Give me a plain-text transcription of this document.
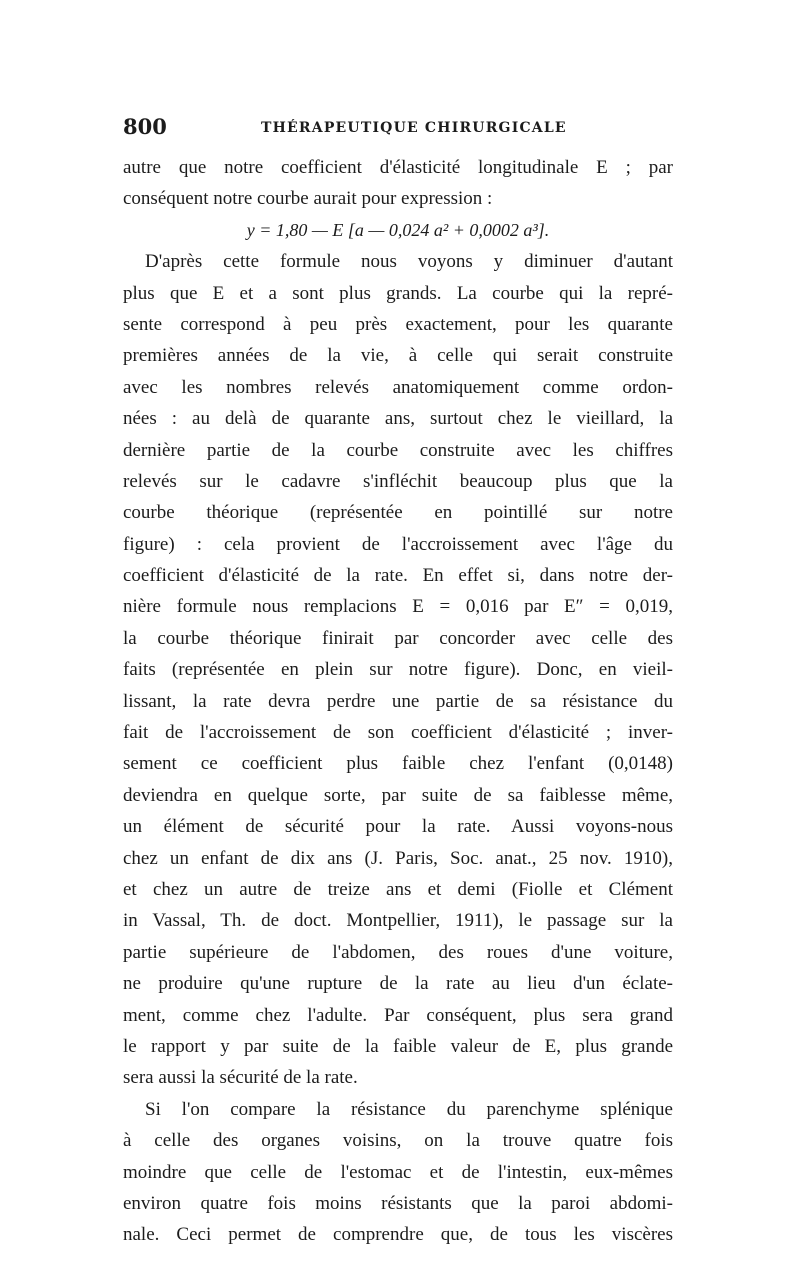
800	THÉRAPEUTIQUE CHIRURGICALE
autre que notre coefficient d'élasticité longitudinale E ; par
conséquent notre courbe aurait pour expression :
y = 1,80 — E [a — 0,024 a² + 0,0002 a³].
D'après cette formule nous voyons y diminuer d'autant
plus que E et a sont plus grands. La courbe qui la repré-
sente correspond à peu près exactement, pour les quarante
premières années de la vie, à celle qui serait construite
avec les nombres relevés anatomiquement comme ordon-
nées : au delà de quarante ans, surtout chez le vieillard, la
dernière partie de la courbe construite avec les chiffres
relevés sur le cadavre s'infléchit beaucoup plus que la
courbe théorique (représentée en pointillé sur notre
figure) : cela provient de l'accroissement avec l'âge du
coefficient d'élasticité de la rate. En effet si, dans notre der-
nière formule nous remplacions E = 0,016 par E″ = 0,019,
la courbe théorique finirait par concorder avec celle des
faits (représentée en plein sur notre figure). Donc, en vieil-
lissant, la rate devra perdre une partie de sa résistance du
fait de l'accroissement de son coefficient d'élasticité ; inver-
sement ce coefficient plus faible chez l'enfant (0,0148)
deviendra en quelque sorte, par suite de sa faiblesse même,
un élément de sécurité pour la rate. Aussi voyons-nous
chez un enfant de dix ans (J. Paris, Soc. anat., 25 nov. 1910),
et chez un autre de treize ans et demi (Fiolle et Clément
in Vassal, Th. de doct. Montpellier, 1911), le passage sur la
partie supérieure de l'abdomen, des roues d'une voiture,
ne produire qu'une rupture de la rate au lieu d'un éclate-
ment, comme chez l'adulte. Par conséquent, plus sera grand
le rapport y par suite de la faible valeur de E, plus grande
sera aussi la sécurité de la rate.
Si l'on compare la résistance du parenchyme splénique
à celle des organes voisins, on la trouve quatre fois
moindre que celle de l'estomac et de l'intestin, eux-mêmes
environ quatre fois moins résistants que la paroi abdomi-
nale. Ceci permet de comprendre que, de tous les viscères
